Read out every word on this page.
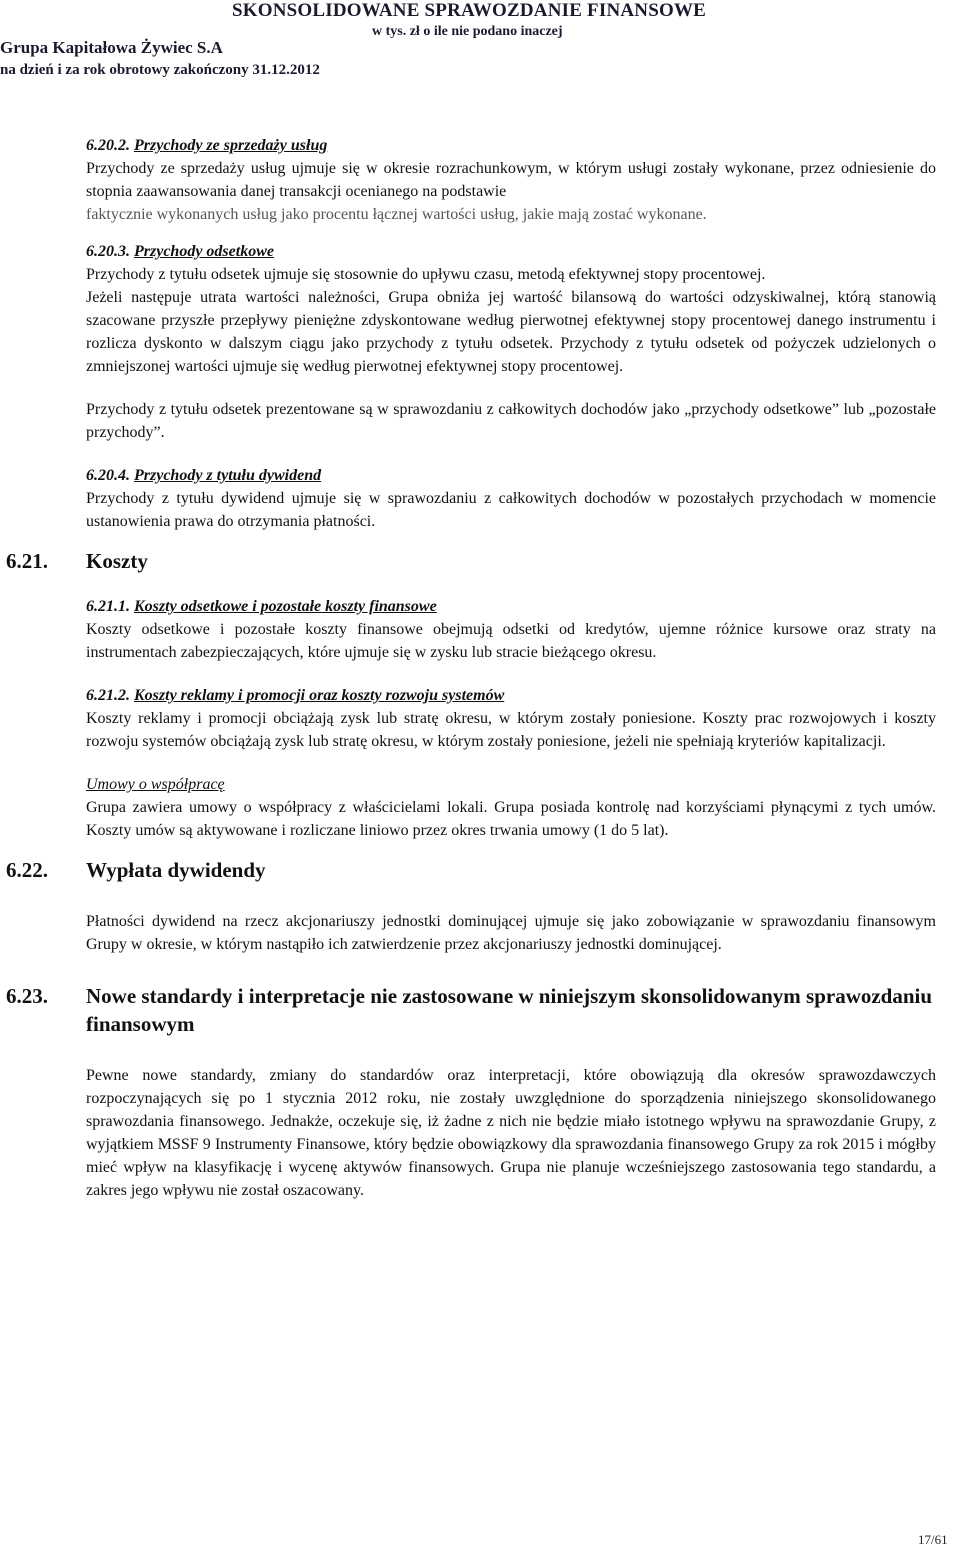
SKONSOLIDOWANE SPRAWOZDANIE FINANSOWE
w tys. zł o ile nie podano inaczej
Grupa Kapitałowa Żywiec S.A
na dzień i za rok obrotowy zakończony 31.12.2012

6.20.2. Przychody ze sprzedaży usług

Przychody ze sprzedaży usług ujmuje się w okresie rozrachunkowym, w którym usługi zostały wykonane, przez odniesienie do stopnia zaawansowania danej transakcji ocenianego na podstawie

faktycznie wykonanych usług jako procentu łącznej wartości usług, jakie mają zostać wykonane.

6.20.3. Przychody odsetkowe

Przychody z tytułu odsetek ujmuje się stosownie do upływu czasu, metodą efektywnej stopy procentowej.

Jeżeli następuje utrata wartości należności, Grupa obniża jej wartość bilansową do wartości odzyskiwalnej, którą stanowią szacowane przyszłe przepływy pieniężne zdyskontowane według pierwotnej efektywnej stopy procentowej danego instrumentu i rozlicza dyskonto w dalszym ciągu jako przychody z tytułu odsetek. Przychody z tytułu odsetek od pożyczek udzielonych o zmniejszonej wartości ujmuje się według pierwotnej efektywnej stopy procentowej.

Przychody z tytułu odsetek prezentowane są w sprawozdaniu z całkowitych dochodów jako „przychody odsetkowe” lub „pozostałe przychody”.

6.20.4. Przychody z tytułu dywidend

Przychody z tytułu dywidend ujmuje się w sprawozdaniu z całkowitych dochodów w pozostałych przychodach w momencie ustanowienia prawa do otrzymania płatności.

6.21. Koszty

6.21.1. Koszty odsetkowe i pozostałe koszty finansowe

Koszty odsetkowe i pozostałe koszty finansowe obejmują odsetki od kredytów, ujemne różnice kursowe oraz straty na instrumentach zabezpieczających, które ujmuje się w zysku lub stracie bieżącego okresu.

6.21.2. Koszty reklamy i promocji oraz koszty rozwoju systemów

Koszty reklamy i promocji obciążają zysk lub stratę okresu, w którym zostały poniesione. Koszty prac rozwojowych i koszty rozwoju systemów obciążają zysk lub stratę okresu, w którym zostały poniesione, jeżeli nie spełniają kryteriów kapitalizacji.

Umowy o współpracę

Grupa zawiera umowy o współpracy z właścicielami lokali. Grupa posiada kontrolę nad korzyściami płynącymi z tych umów. Koszty umów są aktywowane i rozliczane liniowo przez okres trwania umowy (1 do 5 lat).

6.22. Wypłata dywidendy

Płatności dywidend na rzecz akcjonariuszy jednostki dominującej ujmuje się jako zobowiązanie w sprawozdaniu finansowym Grupy w okresie, w którym nastąpiło ich zatwierdzenie przez akcjonariuszy jednostki dominującej.

6.23. Nowe standardy i interpretacje nie zastosowane w niniejszym skonsolidowanym sprawozdaniu finansowym

Pewne nowe standardy, zmiany do standardów oraz interpretacji, które obowiązują dla okresów sprawozdawczych rozpoczynających się po 1 stycznia 2012 roku, nie zostały uwzględnione do sporządzenia niniejszego skonsolidowanego sprawozdania finansowego. Jednakże, oczekuje się, iż żadne z nich nie będzie miało istotnego wpływu na sprawozdanie Grupy, z wyjątkiem MSSF 9 Instrumenty Finansowe, który będzie obowiązkowy dla sprawozdania finansowego Grupy za rok 2015 i mógłby mieć wpływ na klasyfikację i wycenę aktywów finansowych. Grupa nie planuje wcześniejszego zastosowania tego standardu, a zakres jego wpływu nie został oszacowany.

17/61
